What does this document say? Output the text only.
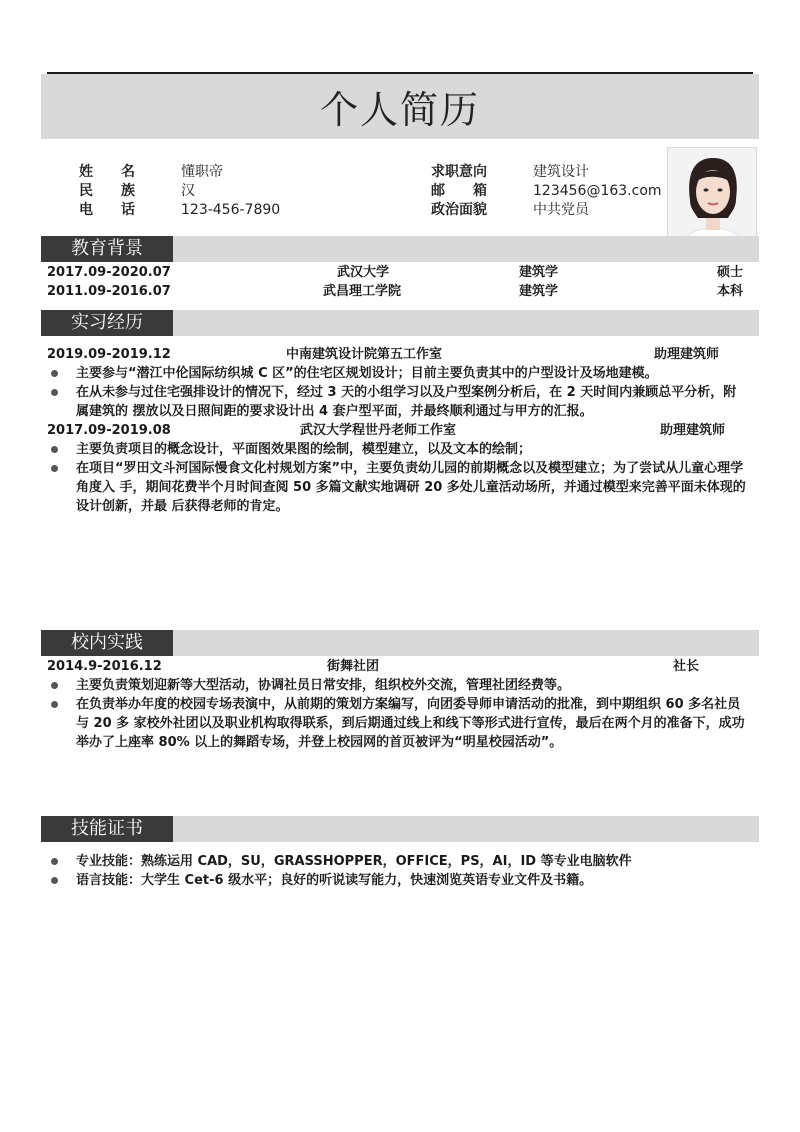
个人简历
姓　　名	懂职帝
民　　族	汉
电　　话	123-456-7890
求职意向	建筑设计
邮　　箱	123456@163.com
政治面貌	中共党员
教育背景
2017.09-2020.07	武汉大学	建筑学	硕士
2011.09-2016.07	武昌理工学院	建筑学	本科
实习经历
2019.09-2019.12	中南建筑设计院第五工作室	助理建筑师
主要参与“潜江中伦国际纺织城 C 区”的住宅区规划设计；目前主要负责其中的户型设计及场地建模。
在从未参与过住宅强排设计的情况下，经过 3 天的小组学习以及户型案例分析后，在 2 天时间内兼顾总平分析，附属建筑的 摆放以及日照间距的要求设计出 4 套户型平面，并最终顺利通过与甲方的汇报。
2017.09-2019.08	武汉大学程世丹老师工作室	助理建筑师
主要负责项目的概念设计，平面图效果图的绘制，模型建立，以及文本的绘制；
在项目“罗田文斗河国际慢食文化村规划方案”中，主要负责幼儿园的前期概念以及模型建立；为了尝试从儿童心理学角度入 手，期间花费半个月时间查阅 50 多篇文献实地调研 20 多处儿童活动场所，并通过模型来完善平面未体现的设计创新，并最 后获得老师的肯定。
校内实践
2014.9-2016.12	街舞社团	社长
主要负责策划迎新等大型活动，协调社员日常安排，组织校外交流，管理社团经费等。
在负责举办年度的校园专场表演中，从前期的策划方案编写，向团委导师申请活动的批准，到中期组织 60 多名社员与 20 多 家校外社团以及职业机构取得联系，到后期通过线上和线下等形式进行宣传，最后在两个月的准备下，成功举办了上座率 80% 以上的舞蹈专场，并登上校园网的首页被评为“明星校园活动”。
技能证书
专业技能：熟练运用 CAD，SU，GRASSHOPPER，OFFICE，PS，AI，ID 等专业电脑软件
语言技能：大学生 Cet-6 级水平；良好的听说读写能力，快速浏览英语专业文件及书籍。
